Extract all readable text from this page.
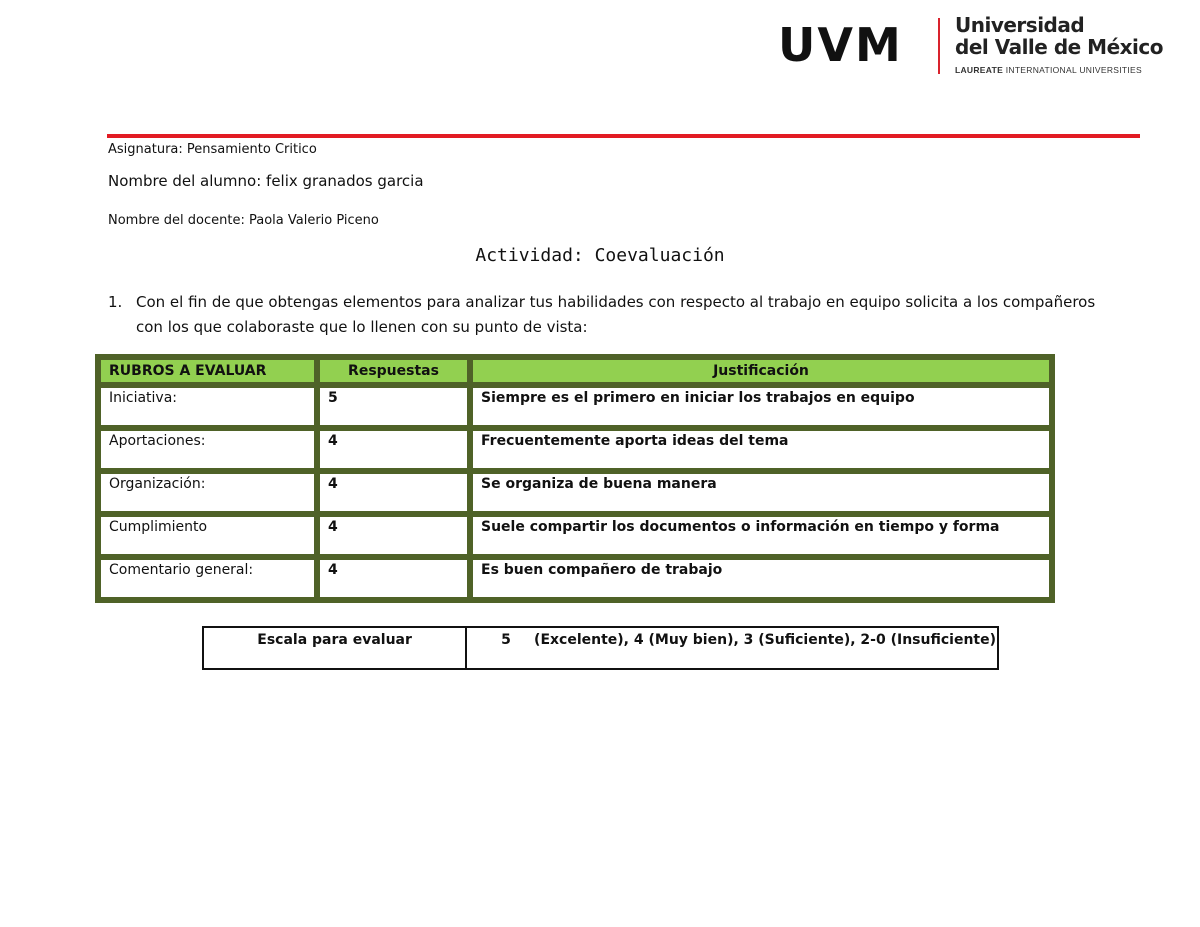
UVM	Universidad
del Valle de México
LAUREATE INTERNATIONAL UNIVERSITIES
Asignatura: Pensamiento Critico
Nombre del alumno: felix granados garcia
Nombre del docente: Paola Valerio Piceno
Actividad: Coevaluación
1. Con el fin de que obtengas elementos para analizar tus habilidades con respecto al trabajo en equipo solicita a los compañeros con los que colaboraste que lo llenen con su punto de vista:
RUBROS A EVALUAR	Respuestas	Justificación
Iniciativa:	5	Siempre es el primero en iniciar los trabajos en equipo
Aportaciones:	4	Frecuentemente aporta ideas del tema
Organización:	4	Se organiza de buena manera
Cumplimiento	4	Suele compartir los documentos o información en tiempo y forma
Comentario general:	4	Es buen compañero de trabajo
Escala para evaluar	5 (Excelente), 4 (Muy bien), 3 (Suficiente), 2-0 (Insuficiente)
